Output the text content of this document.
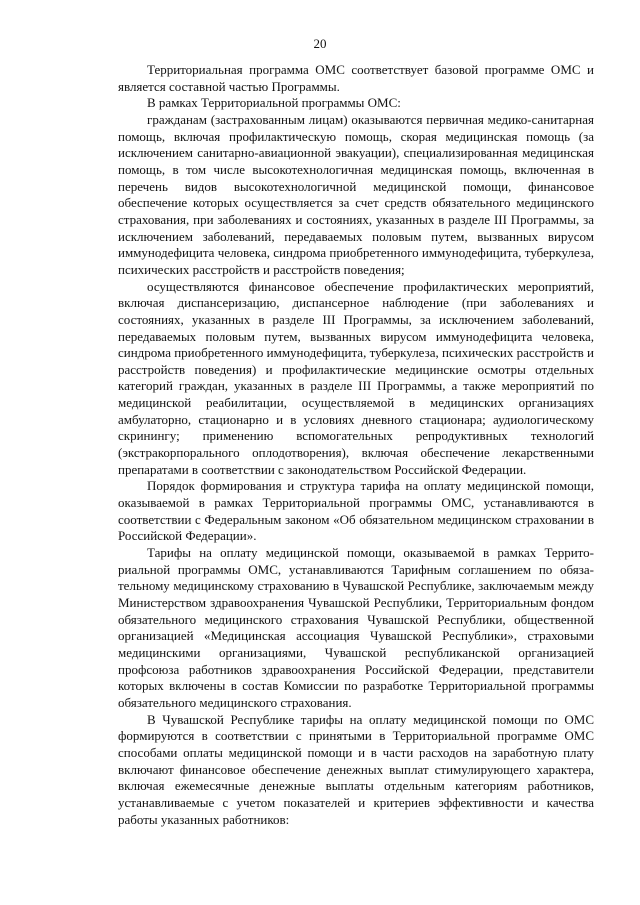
20

Территориальная программа ОМС соответствует базовой программе ОМС и является составной частью Программы.

В рамках Территориальной программы ОМС:

гражданам (застрахованным лицам) оказываются первичная медико-санитарная помощь, включая профилактическую помощь, скорая медицинская помощь (за исключением санитарно-авиационной эвакуации), специализированная медицинская помощь, в том числе высокотехнологичная медицинская помощь, включенная в перечень видов высокотехнологичной медицинской помощи, финансовое обеспечение которых осуществляется за счет средств обязательного медицинского страхования, при заболеваниях и состояниях, указанных в разделе III Программы, за исключением заболеваний, передаваемых половым путем, вызванных вирусом иммунодефицита человека, синдрома приобретенного иммунодефицита, туберкулеза, психических расстройств и расстройств поведения;

осуществляются финансовое обеспечение профилактических мероприятий, включая диспансеризацию, диспансерное наблюдение (при заболеваниях и состояниях, указанных в разделе III Программы, за исключением заболеваний, передаваемых половым путем, вызванных вирусом иммунодефицита человека, синдрома приобретенного иммунодефицита, туберкулеза, психических расстройств и расстройств поведения) и профилактические медицинские осмотры отдельных категорий граждан, указанных в разделе III Программы, а также мероприятий по медицинской реабилитации, осуществляемой в медицинских организациях амбулаторно, стационарно и в условиях дневного стационара; аудиологическому скринингу; применению вспомогательных репродуктивных технологий (экстракорпорального оплодотворения), включая обеспечение лекарственными препаратами в соответствии с законодательством Российской Федерации.

Порядок формирования и структура тарифа на оплату медицинской помощи, оказываемой в рамках Территориальной программы ОМС, устанавливаются в соответствии с Федеральным законом «Об обязательном медицинском страховании в Российской Федерации».

Тарифы на оплату медицинской помощи, оказываемой в рамках Территориальной программы ОМС, устанавливаются Тарифным соглашением по обязательному медицинскому страхованию в Чувашской Республике, заключаемым между Министерством здравоохранения Чувашской Республики, Территориальным фондом обязательного медицинского страхования Чувашской Республики, общественной организацией «Медицинская ассоциация Чувашской Республики», страховыми медицинскими организациями, Чувашской республиканской организацией профсоюза работников здравоохранения Российской Федерации, представители которых включены в состав Комиссии по разработке Территориальной программы обязательного медицинского страхования.

В Чувашской Республике тарифы на оплату медицинской помощи по ОМС формируются в соответствии с принятыми в Территориальной программе ОМС способами оплаты медицинской помощи и в части расходов на заработную плату включают финансовое обеспечение денежных выплат стимулирующего характера, включая ежемесячные денежные выплаты отдельным категориям работников, устанавливаемые с учетом показателей и критериев эффективности и качества работы указанных работников:
